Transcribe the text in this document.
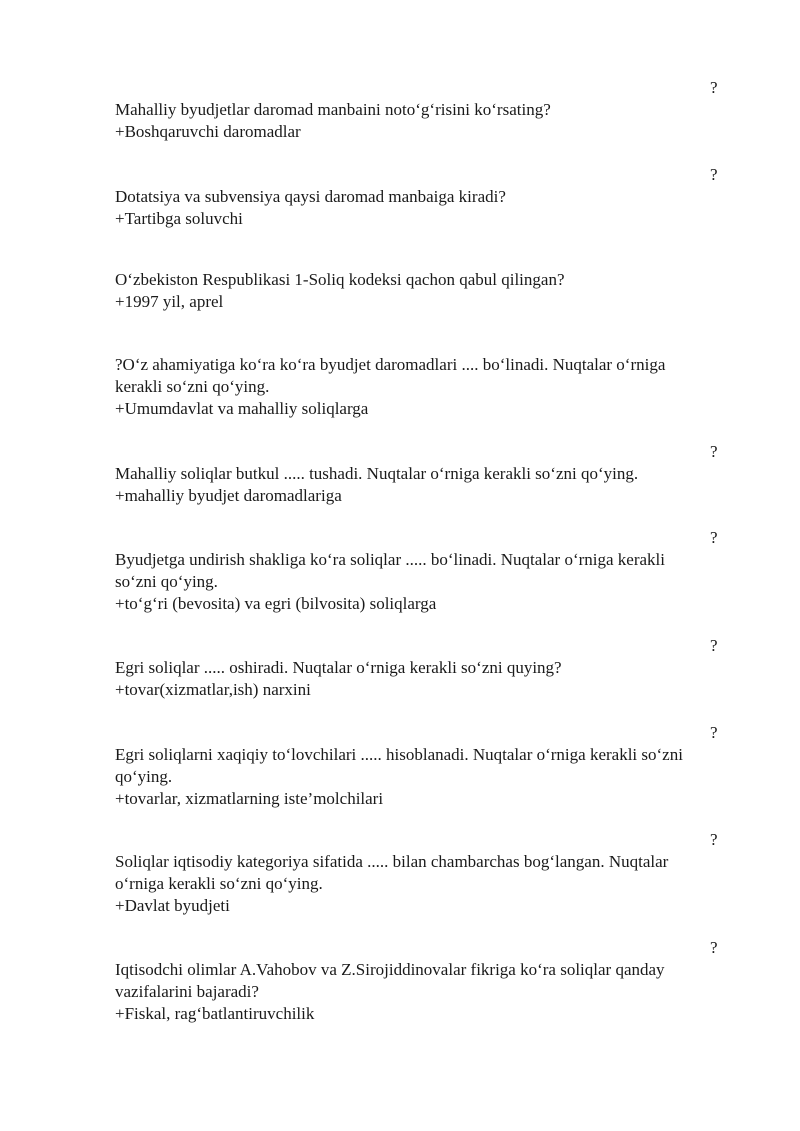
?
Mahalliy byudjetlar daromad manbaini noto‘g‘risini ko‘rsating?
+Boshqaruvchi daromadlar
?
Dotatsiya va subvensiya qaysi daromad manbaiga kiradi?
+Tartibga soluvchi
O‘zbekiston Respublikasi 1-Soliq kodeksi qachon qabul qilingan?
+1997 yil, aprel
?O‘z ahamiyatiga ko‘ra ko‘ra byudjet daromadlari .... bo‘linadi. Nuqtalar o‘rniga
kerakli so‘zni qo‘ying.
+Umumdavlat va mahalliy soliqlarga
?
Mahalliy soliqlar butkul ..... tushadi. Nuqtalar o‘rniga kerakli so‘zni qo‘ying.
+mahalliy byudjet daromadlariga
?
Byudjetga undirish shakliga ko‘ra soliqlar ..... bo‘linadi. Nuqtalar o‘rniga kerakli
so‘zni qo‘ying.
+to‘g‘ri (bevosita) va egri (bilvosita) soliqlarga
?
Egri soliqlar ..... oshiradi. Nuqtalar o‘rniga kerakli so‘zni quying?
+tovar(xizmatlar,ish) narxini
?
Egri soliqlarni xaqiqiy to‘lovchilari ..... hisoblanadi. Nuqtalar o‘rniga kerakli so‘zni
qo‘ying.
+tovarlar, xizmatlarning iste’molchilari
?
Soliqlar iqtisodiy kategoriya sifatida ..... bilan chambarchas bog‘langan. Nuqtalar
o‘rniga kerakli so‘zni qo‘ying.
+Davlat byudjeti
?
Iqtisodchi olimlar A.Vahobov va Z.Sirojiddinovalar fikriga ko‘ra soliqlar qanday
vazifalarini bajaradi?
+Fiskal, rag‘batlantiruvchilik
